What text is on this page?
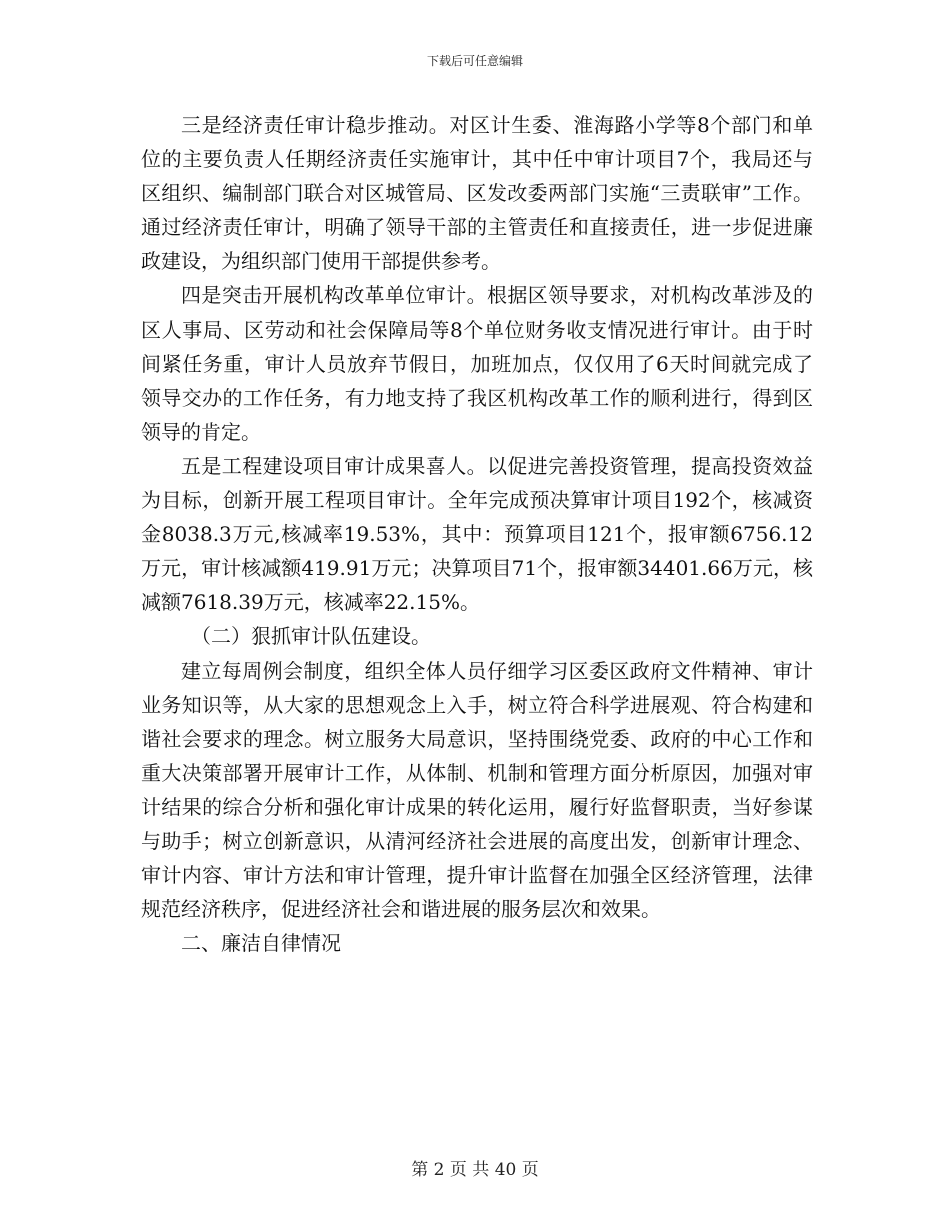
下载后可任意编辑

三是经济责任审计稳步推动。对区计生委、淮海路小学等8个部门和单位的主要负责人任期经济责任实施审计，其中任中审计项目7个，我局还与区组织、编制部门联合对区城管局、区发改委两部门实施“三责联审”工作。通过经济责任审计，明确了领导干部的主管责任和直接责任，进一步促进廉政建设，为组织部门使用干部提供参考。

四是突击开展机构改革单位审计。根据区领导要求，对机构改革涉及的区人事局、区劳动和社会保障局等8个单位财务收支情况进行审计。由于时间紧任务重，审计人员放弃节假日，加班加点，仅仅用了6天时间就完成了领导交办的工作任务，有力地支持了我区机构改革工作的顺利进行，得到区领导的肯定。

五是工程建设项目审计成果喜人。以促进完善投资管理，提高投资效益为目标，创新开展工程项目审计。全年完成预决算审计项目192个，核减资金8038.3万元,核减率19.53%，其中：预算项目121个，报审额6756.12万元，审计核减额419.91万元；决算项目71个，报审额34401.66万元，核减额7618.39万元，核减率22.15%。

（二）狠抓审计队伍建设。

建立每周例会制度，组织全体人员仔细学习区委区政府文件精神、审计业务知识等，从大家的思想观念上入手，树立符合科学进展观、符合构建和谐社会要求的理念。树立服务大局意识，坚持围绕党委、政府的中心工作和重大决策部署开展审计工作，从体制、机制和管理方面分析原因，加强对审计结果的综合分析和强化审计成果的转化运用，履行好监督职责，当好参谋与助手；树立创新意识，从清河经济社会进展的高度出发，创新审计理念、审计内容、审计方法和审计管理，提升审计监督在加强全区经济管理，法律规范经济秩序，促进经济社会和谐进展的服务层次和效果。

二、廉洁自律情况

第 2 页 共 40 页
